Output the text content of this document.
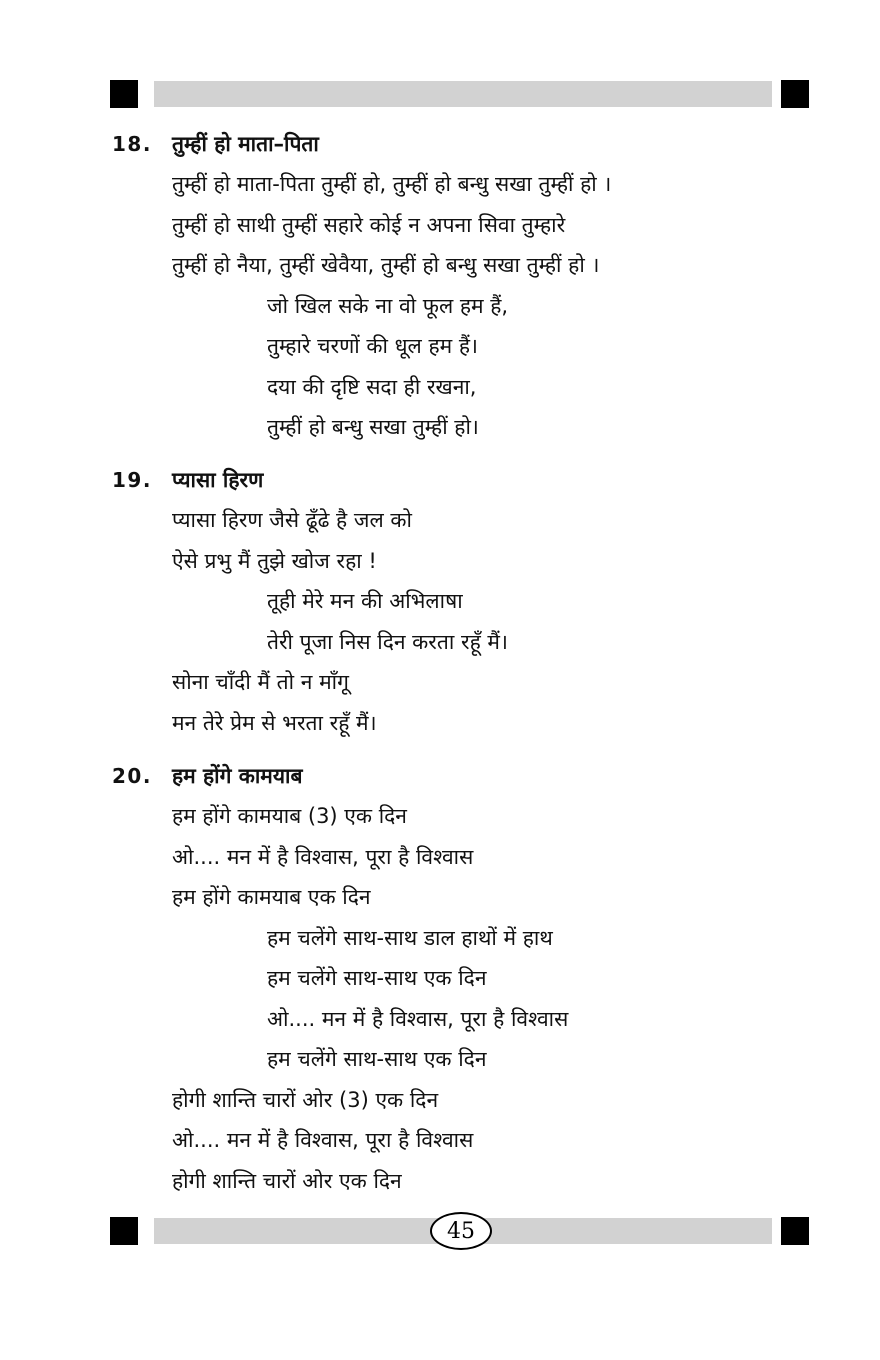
18. तुम्हीं हो माता–पिता
तुम्हीं हो माता-पिता तुम्हीं हो, तुम्हीं हो बन्धु सखा तुम्हीं हो ।
तुम्हीं हो साथी तुम्हीं सहारे कोई न अपना सिवा तुम्हारे
तुम्हीं हो नैया, तुम्हीं खेवैया, तुम्हीं हो बन्धु सखा तुम्हीं हो ।
जो खिल सके ना वो फूल हम हैं,
तुम्हारे चरणों की धूल हम हैं।
दया की दृष्टि सदा ही रखना,
तुम्हीं हो बन्धु सखा तुम्हीं हो।
19. प्यासा हिरण
प्यासा हिरण जैसे ढूँढे है जल को
ऐसे प्रभु मैं तुझे खोज रहा !
तूही मेरे मन की अभिलाषा
तेरी पूजा निस दिन करता रहूँ मैं।
सोना चाँदी मैं तो न माँगू
मन तेरे प्रेम से भरता रहूँ मैं।
20. हम होंगे कामयाब
हम होंगे कामयाब (3) एक दिन
ओ.... मन में है विश्वास, पूरा है विश्वास
हम होंगे कामयाब एक दिन
हम चलेंगे साथ-साथ डाल हाथों में हाथ
हम चलेंगे साथ-साथ एक दिन
ओ.... मन में है विश्वास, पूरा है विश्वास
हम चलेंगे साथ-साथ एक दिन
होगी शान्ति चारों ओर (3) एक दिन
ओ.... मन में है विश्वास, पूरा है विश्वास
होगी शान्ति चारों ओर एक दिन
45
